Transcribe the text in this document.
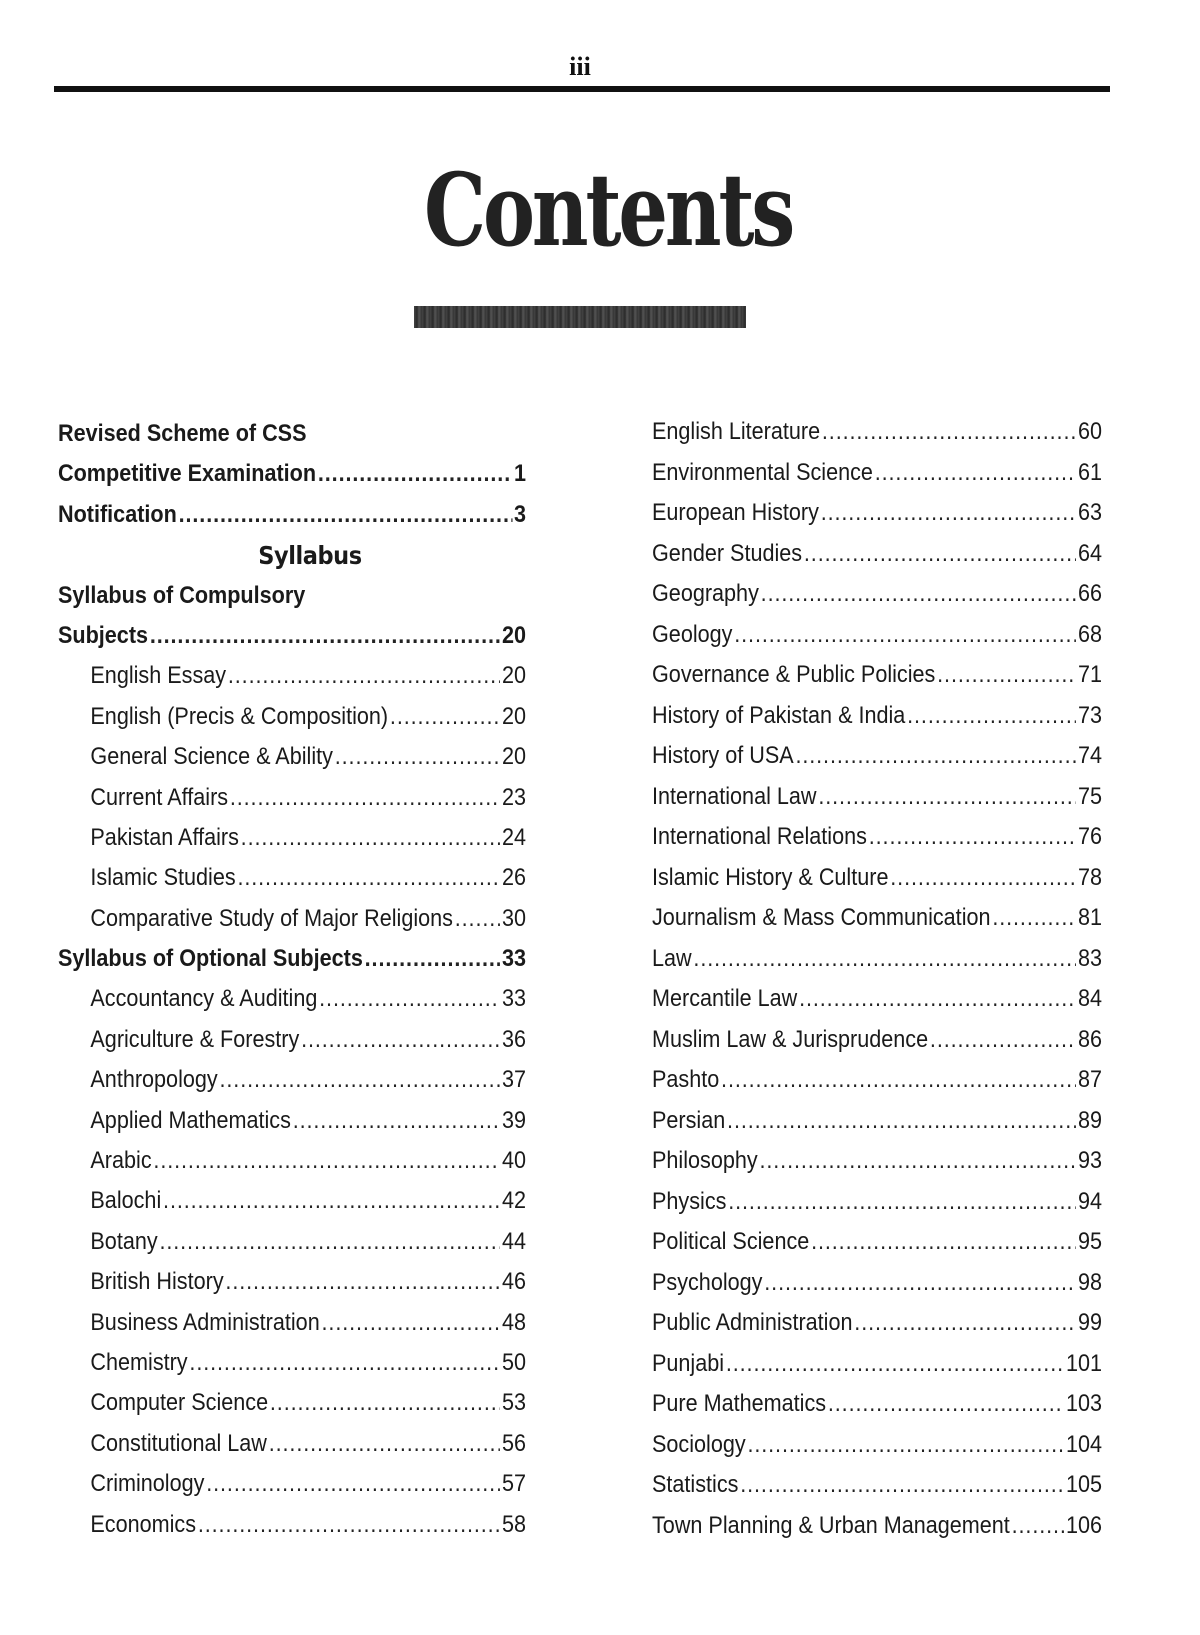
iii
Contents
Revised Scheme of CSS
Competitive Examination .....	1
Notification .....	3
Syllabus
Syllabus of Compulsory
Subjects .....	20
English Essay .....	20
English (Precis & Composition) .....	20
General Science & Ability .....	20
Current Affairs .....	23
Pakistan Affairs .....	24
Islamic Studies .....	26
Comparative Study of Major Religions ..... 30
Syllabus of Optional Subjects .....	33
Accountancy & Auditing .....	33
Agriculture & Forestry .....	36
Anthropology .....	37
Applied Mathematics .....	39
Arabic .....	40
Balochi .....	42
Botany .....	44
British History .....	46
Business Administration .....	48
Chemistry .....	50
Computer Science .....	53
Constitutional Law .....	56
Criminology .....	57
Economics .....	58
English Literature .....	60
Environmental Science .....	61
European History .....	63
Gender Studies .....	64
Geography .....	66
Geology .....	68
Governance & Public Policies .....	71
History of Pakistan & India .....	73
History of USA .....	74
International Law .....	75
International Relations .....	76
Islamic History & Culture .....	78
Journalism & Mass Communication .....	81
Law .....	83
Mercantile Law .....	84
Muslim Law & Jurisprudence .....	86
Pashto .....	87
Persian .....	89
Philosophy .....	93
Physics .....	94
Political Science .....	95
Psychology .....	98
Public Administration .....	99
Punjabi .....	101
Pure Mathematics .....	103
Sociology .....	104
Statistics .....	105
Town Planning & Urban Management ..... 106
